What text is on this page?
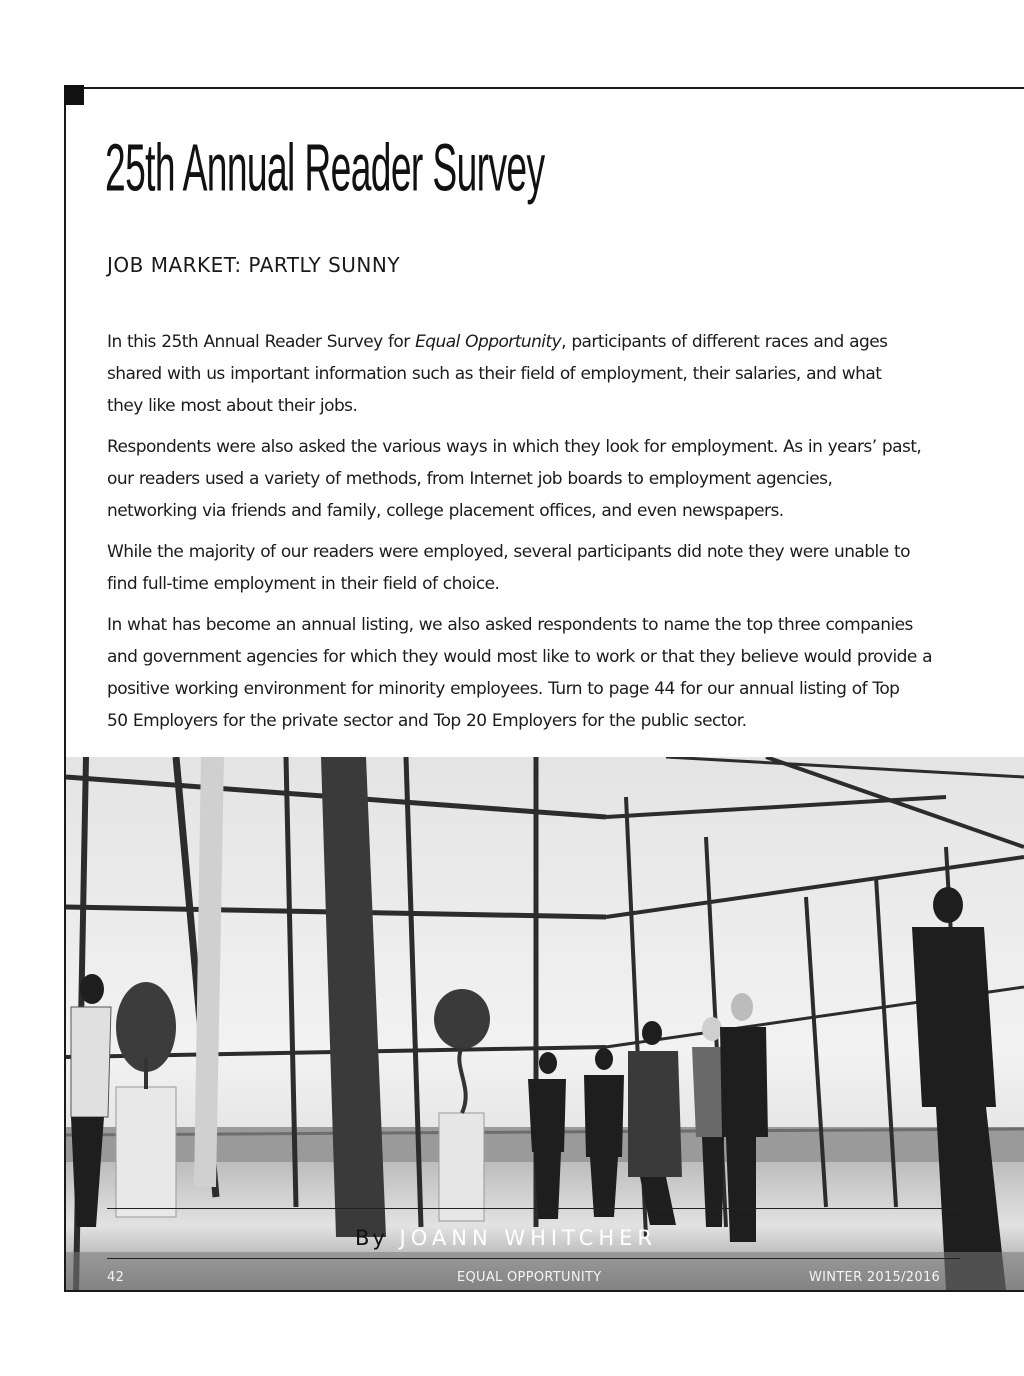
25th Annual Reader Survey
JOB MARKET: PARTLY SUNNY

In this 25th Annual Reader Survey for Equal Opportunity, participants of different races and ages
shared with us important information such as their field of employment, their salaries, and what
they like most about their jobs.

Respondents were also asked the various ways in which they look for employment. As in years’ past,
our readers used a variety of methods, from Internet job boards to employment agencies,
networking via friends and family, college placement offices, and even newspapers.

While the majority of our readers were employed, several participants did note they were unable to
find full-time employment in their field of choice.

In what has become an annual listing, we also asked respondents to name the top three companies
and government agencies for which they would most like to work or that they believe would provide a
positive working environment for minority employees. Turn to page 44 for our annual listing of Top
50 Employers for the private sector and Top 20 Employers for the public sector.

By JOANN WHITCHER
42	EQUAL OPPORTUNITY	WINTER 2015/2016
